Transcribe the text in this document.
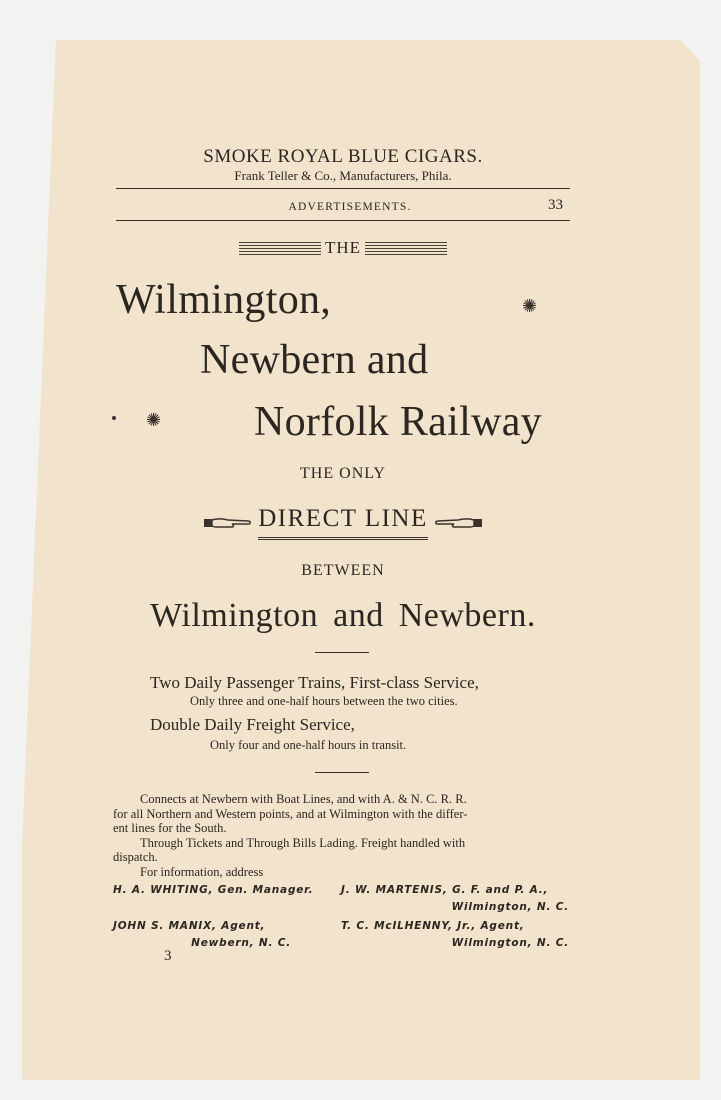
SMOKE ROYAL BLUE CIGARS.
Frank Teller & Co., Manufacturers, Phila.
ADVERTISEMENTS.	33
THE
Wilmington,	✺
Newbern and
✺ Norfolk Railway
THE ONLY
DIRECT LINE
BETWEEN
Wilmington and Newbern.
Two Daily Passenger Trains, First-class Service,
Only three and one-half hours between the two cities.
Double Daily Freight Service,
Only four and one-half hours in transit.

Connects at Newbern with Boat Lines, and with A. & N. C. R. R.

for all Northern and Western points, and at Wilmington with the differ-

ent lines for the South.

Through Tickets and Through Bills Lading. Freight handled with

dispatch.

For information, address

H. A. WHITING, Gen. Manager.	J. W. MARTENIS, G. F. and P. A.,
Wilmington, N. C.
JOHN S. MANIX, Agent,
Newbern, N. C.
T. C. McILHENNY, Jr., Agent,
Wilmington, N. C.
3
